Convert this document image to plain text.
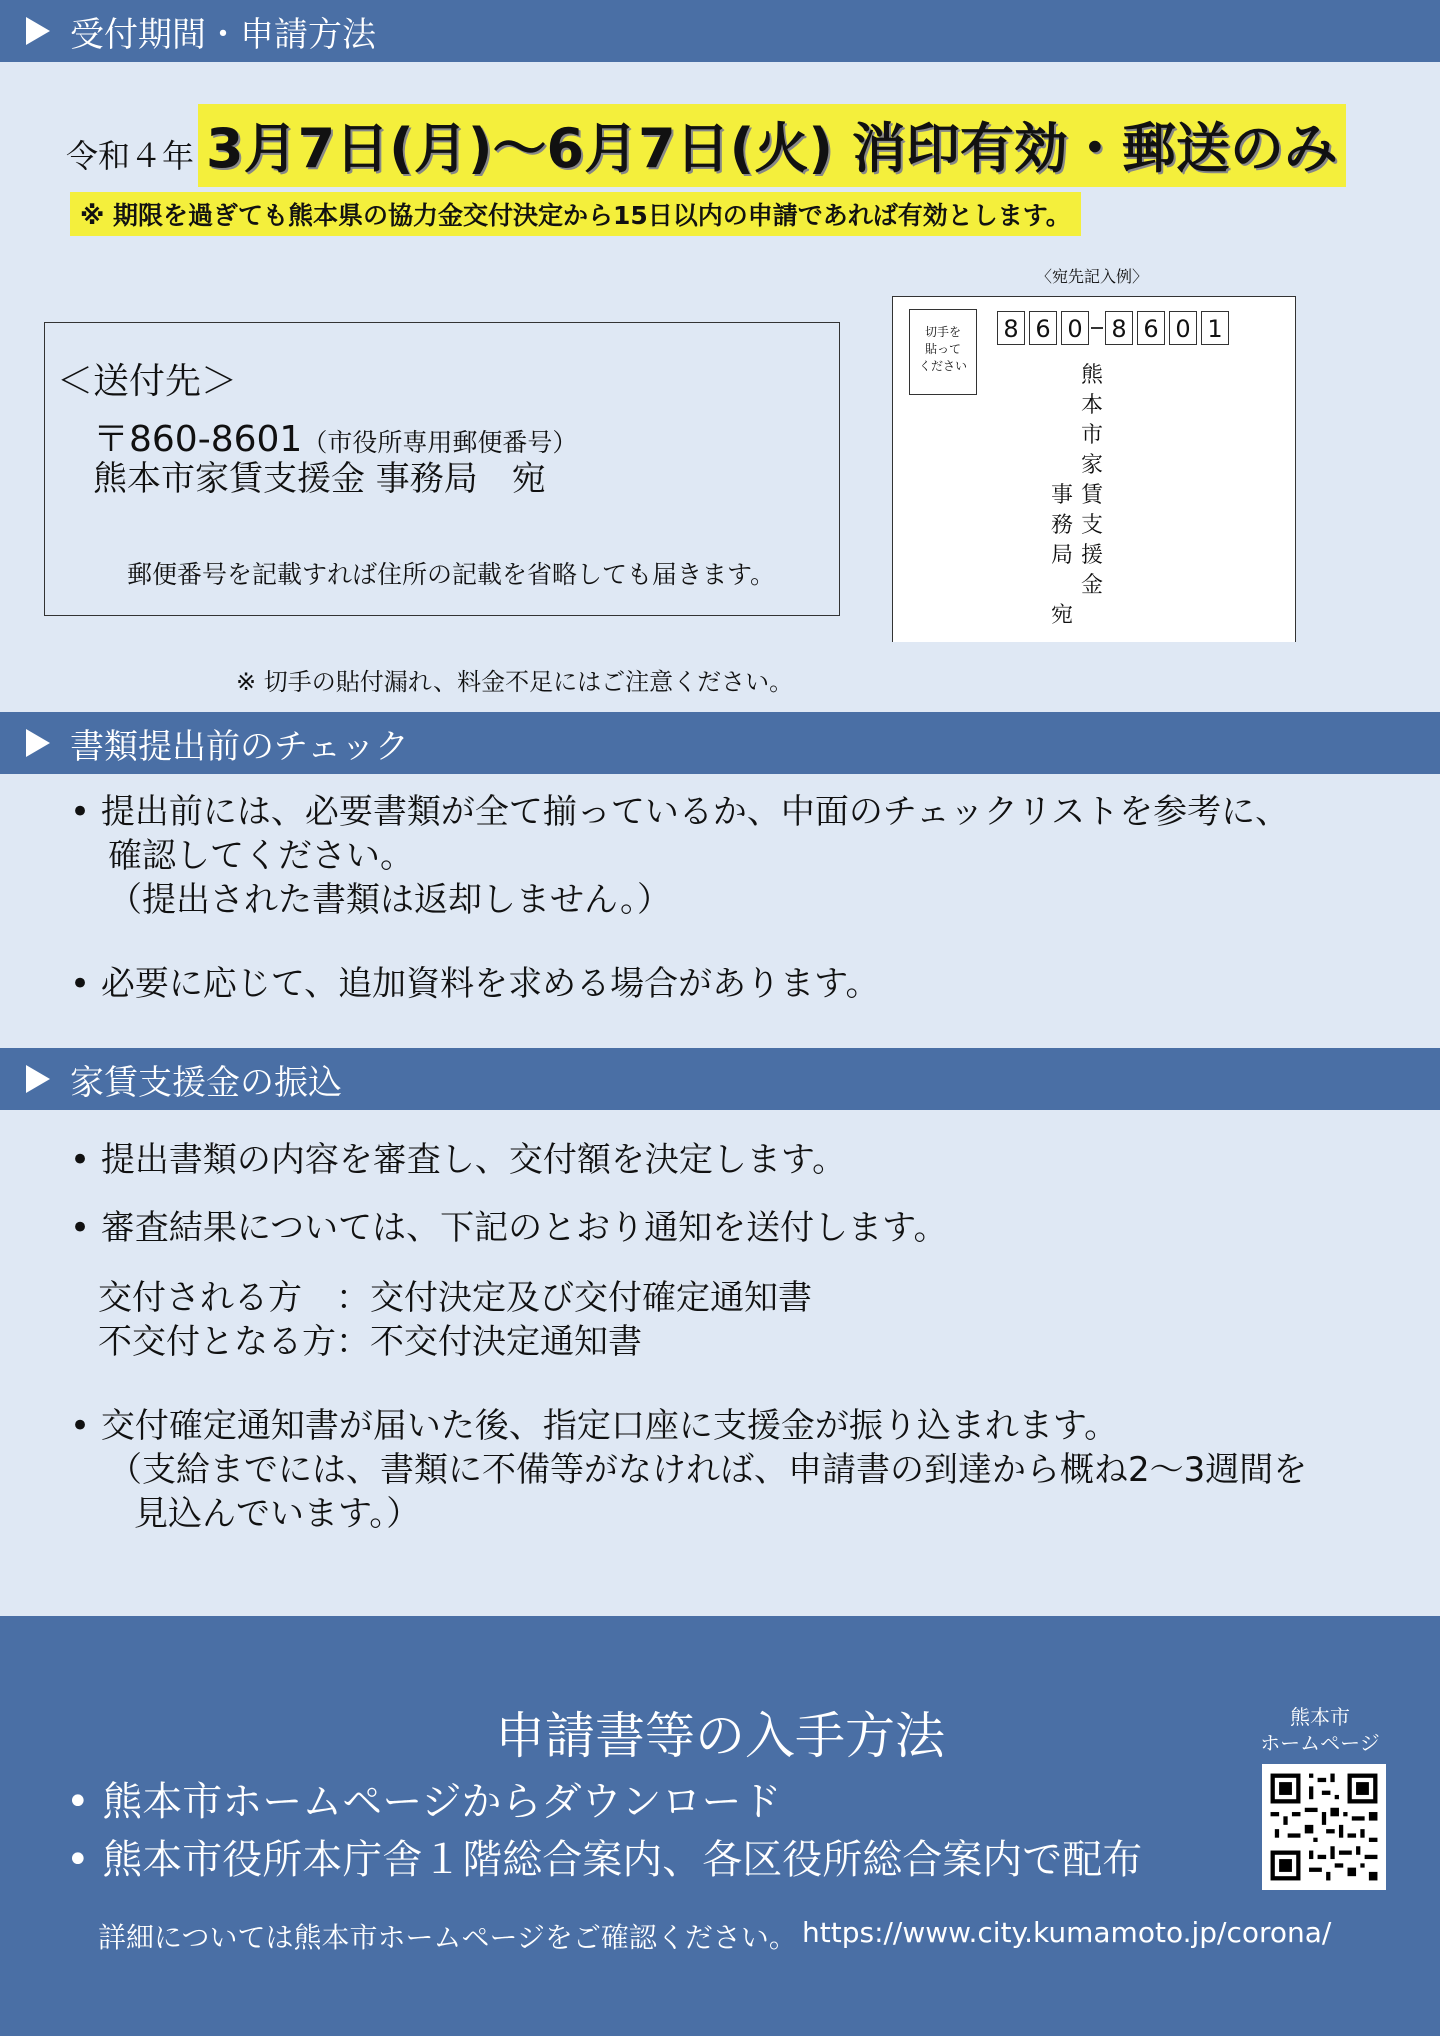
受付期間・申請方法
令和４年 3月7日(月)～6月7日(火) 消印有効・郵送のみ
※ 期限を過ぎても熊本県の協力金交付決定から15日以内の申請であれば有効とします。
＜送付先＞
〒860-8601（市役所専用郵便番号）
熊本市家賃支援金 事務局　宛
郵便番号を記載すれば住所の記載を省略しても届きます。
〈宛先記入例〉
切手を
貼って
ください
8 6 0 8 6 0 1
熊
本
市
家
賃
支
援
金
事
務
局
宛
※ 切手の貼付漏れ、料金不足にはご注意ください。
書類提出前のチェック
• 提出前には、必要書類が全て揃っているか、中面のチェックリストを参考に、
確認してください。
（提出された書類は返却しません。）
• 必要に応じて、追加資料を求める場合があります。
家賃支援金の振込
• 提出書類の内容を審査し、交付額を決定します。
• 審査結果については、下記のとおり通知を送付します。
交付される方　：交付決定及び交付確定通知書
不交付となる方：不交付決定通知書
• 交付確定通知書が届いた後、指定口座に支援金が振り込まれます。
（支給までには、書類に不備等がなければ、申請書の到達から概ね2～3週間を
見込んでいます。）
申請書等の入手方法
• 熊本市ホームページからダウンロード
• 熊本市役所本庁舎１階総合案内、各区役所総合案内で配布
詳細については熊本市ホームページをご確認ください。 https://www.city.kumamoto.jp/corona/
熊本市
ホームページ
